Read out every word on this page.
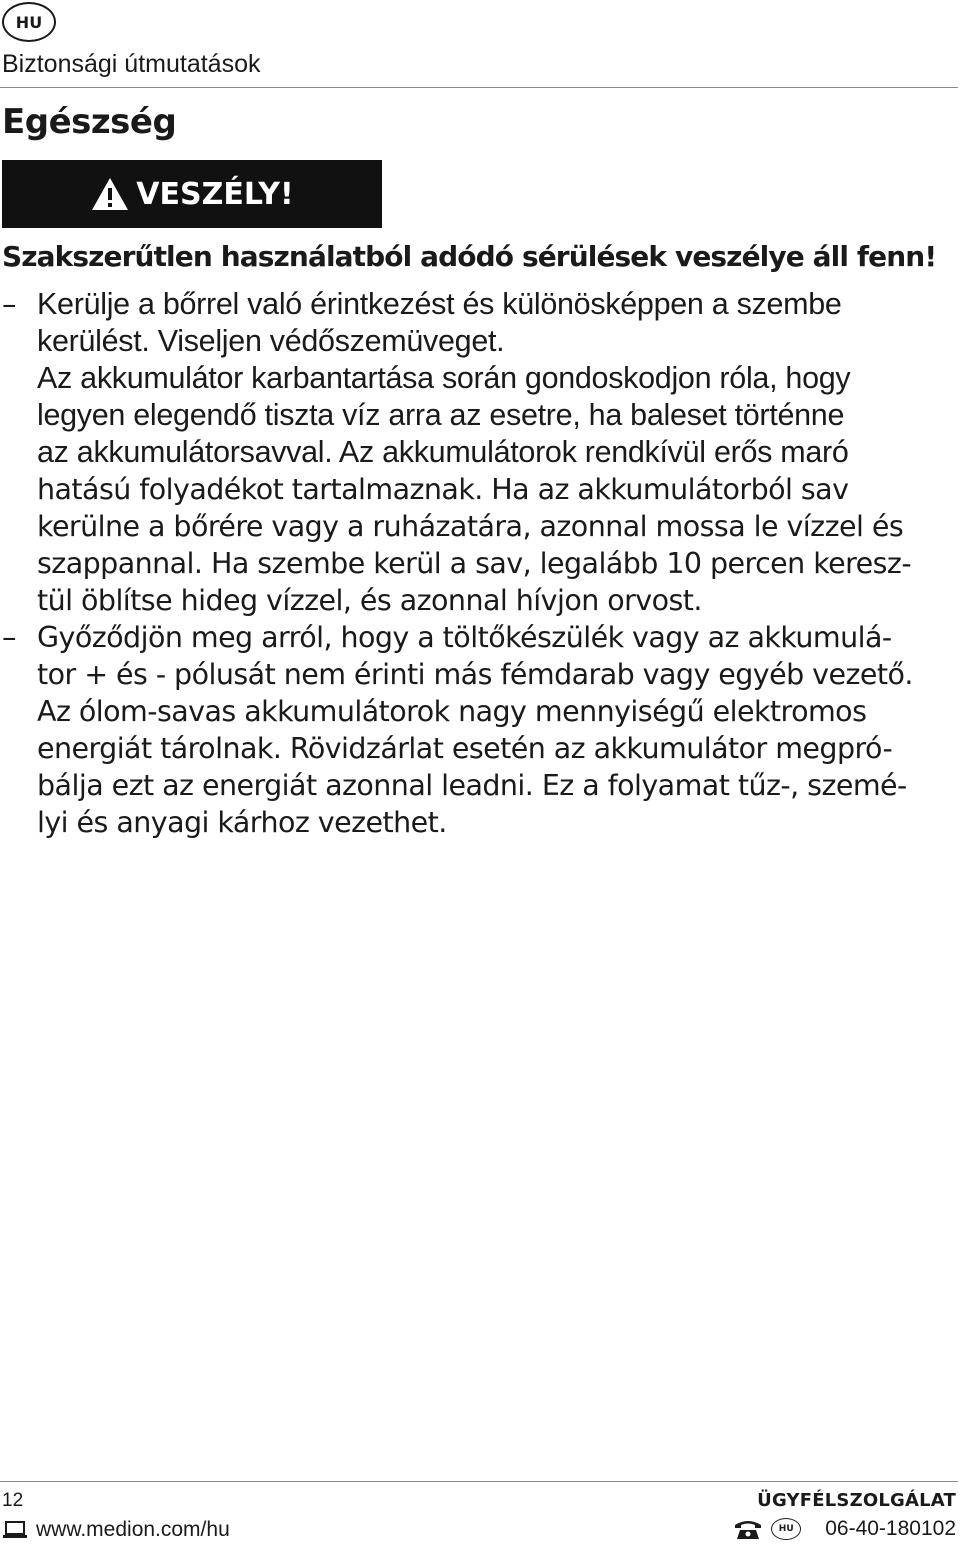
HU
Biztonsági útmutatások
Egészség
VESZÉLY!
Szakszerűtlen használatból adódó sérülések veszélye áll fenn!
– Kerülje a bőrrel való érintkezést és különösképpen a szembe
kerülést. Viseljen védőszemüveget.
Az akkumulátor karbantartása során gondoskodjon róla, hogy
legyen elegendő tiszta víz arra az esetre, ha baleset történne
az akkumulátorsavval. Az akkumulátorok rendkívül erős maró
hatású folyadékot tartalmaznak. Ha az akkumulátorból sav
kerülne a bőrére vagy a ruházatára, azonnal mossa le vízzel és
szappannal. Ha szembe kerül a sav, legalább 10 percen keresz-
tül öblítse hideg vízzel, és azonnal hívjon orvost.
– Győződjön meg arról, hogy a töltőkészülék vagy az akkumulá-
tor + és - pólusát nem érinti más fémdarab vagy egyéb vezető.
Az ólom-savas akkumulátorok nagy mennyiségű elektromos
energiát tárolnak. Rövidzárlat esetén az akkumulátor megpró-
bálja ezt az energiát azonnal leadni. Ez a folyamat tűz-, szemé-
lyi és anyagi kárhoz vezethet.
12	ÜGYFÉLSZOLGÁLAT
www.medion.com/hu	HU	06-40-180102
